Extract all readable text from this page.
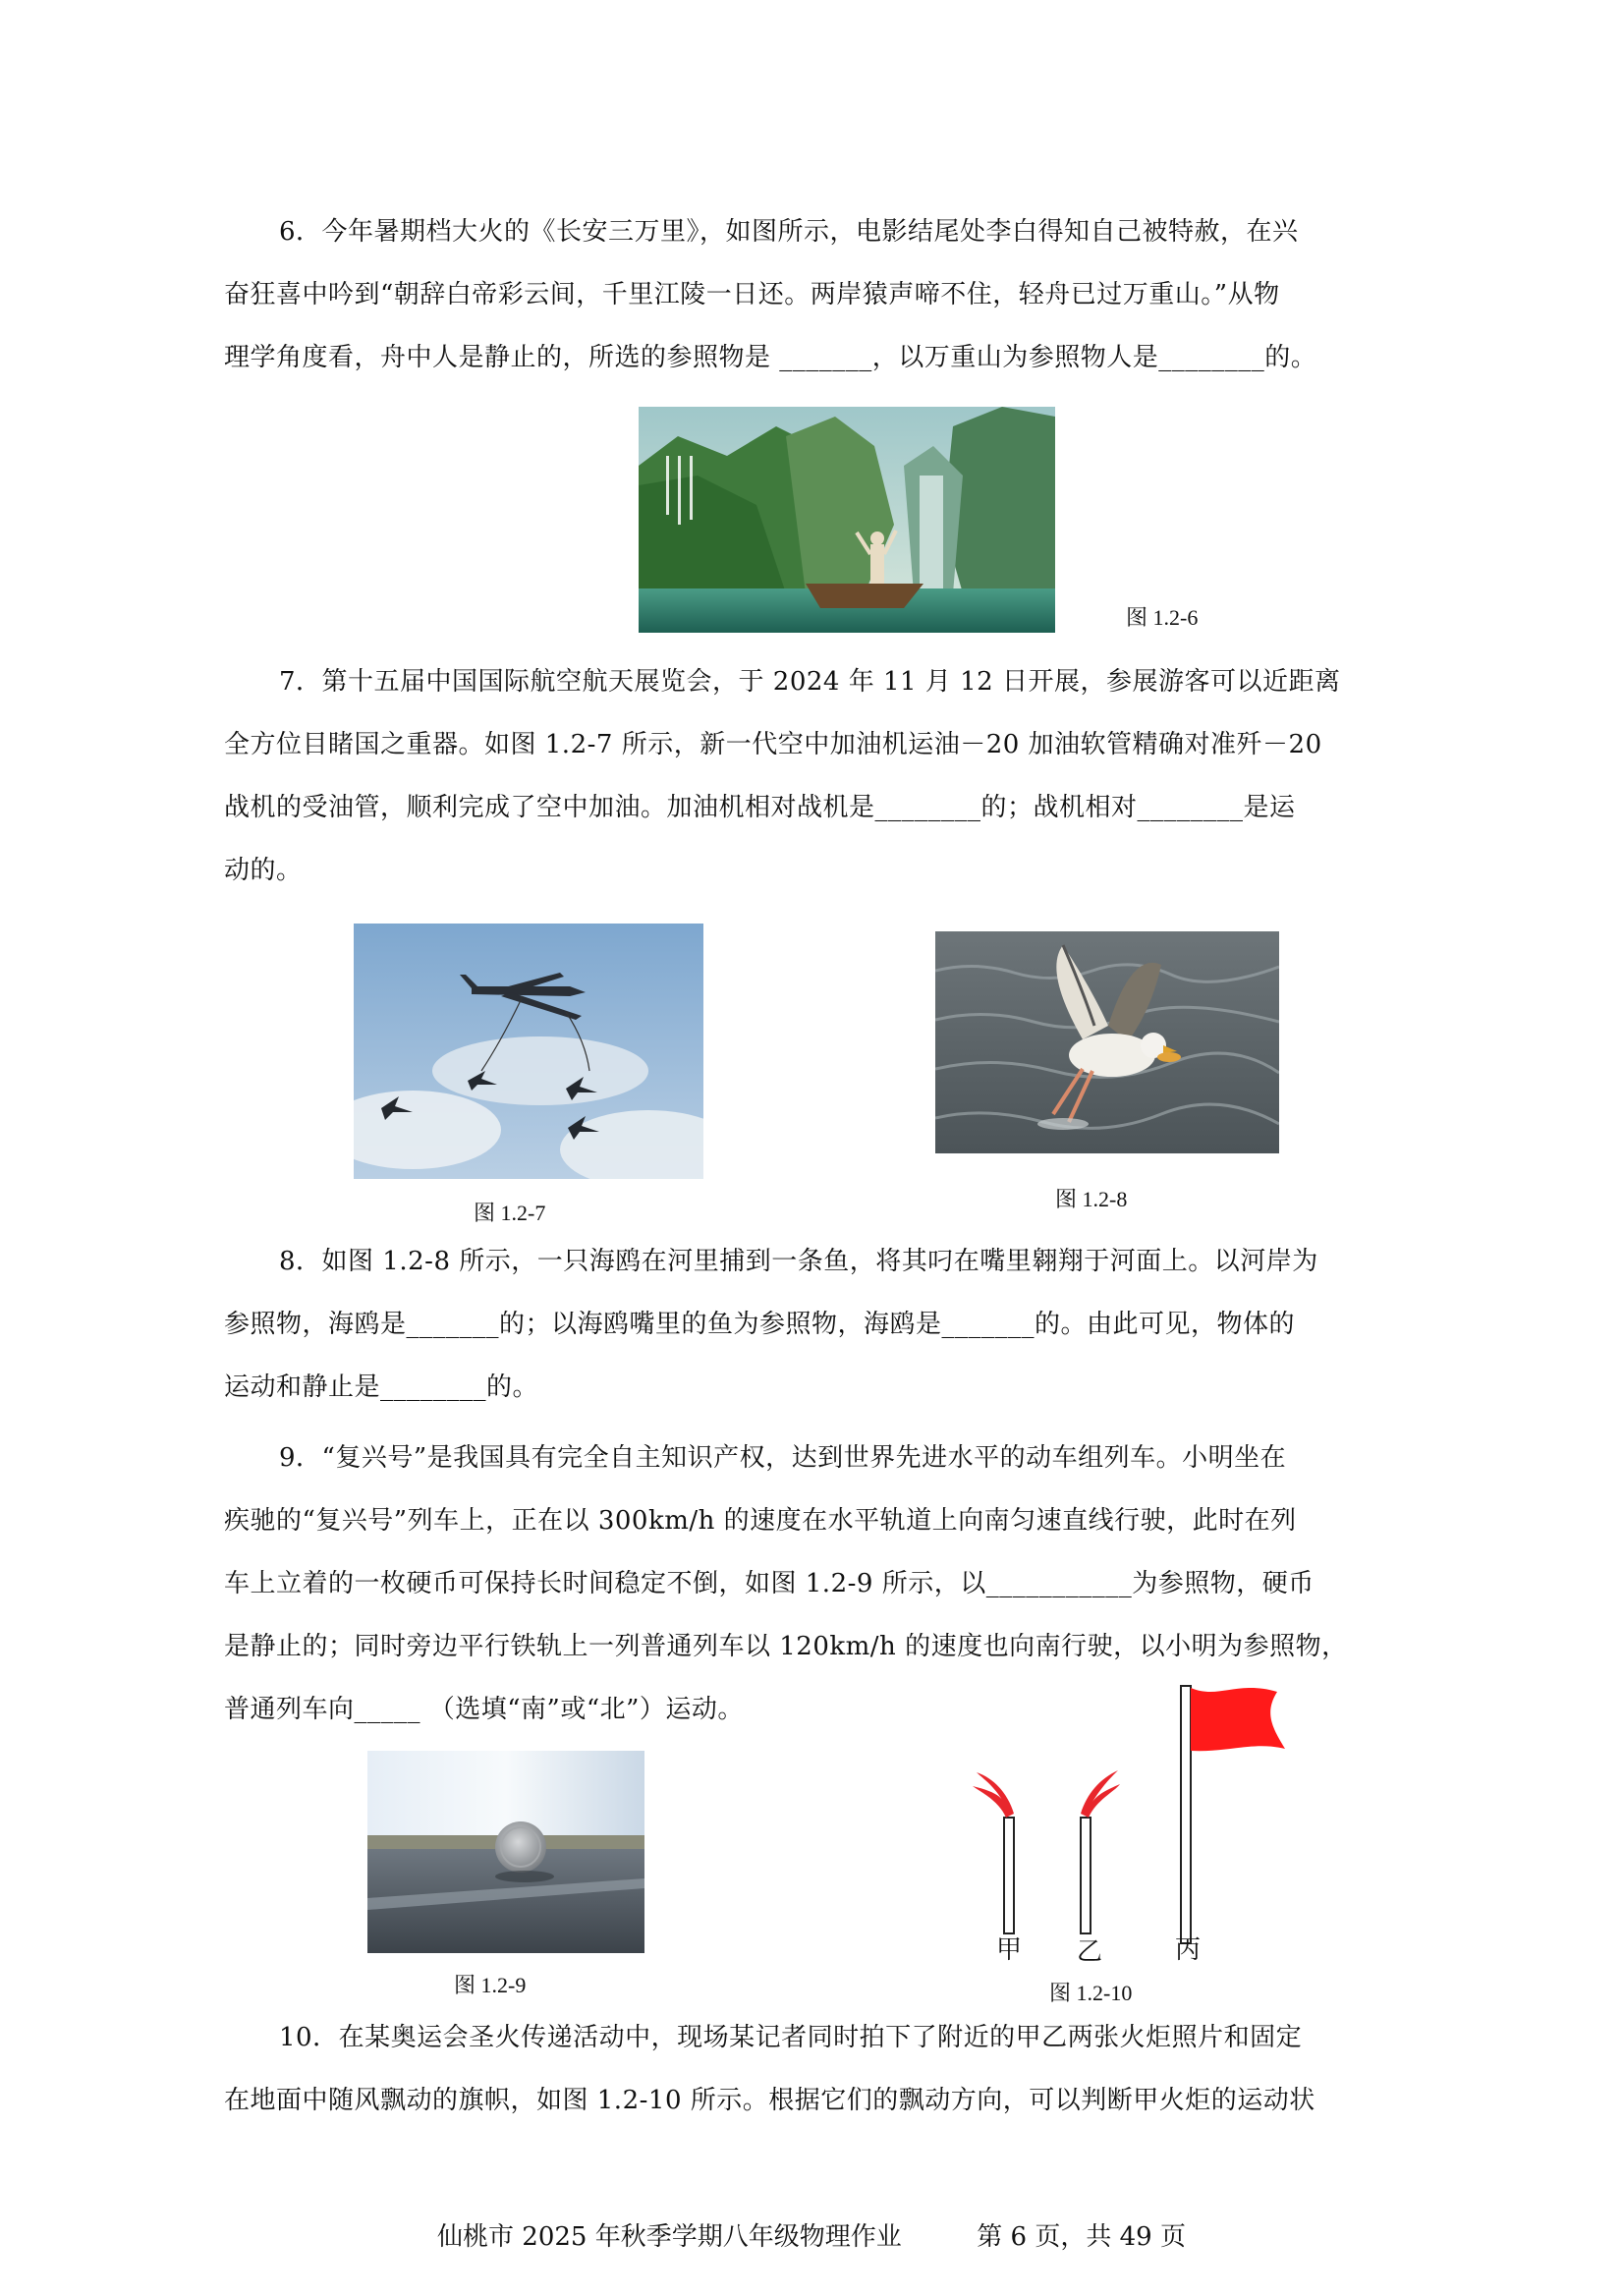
6．今年暑期档大火的《长安三万里》，如图所示，电影结尾处李白得知自己被特赦，在兴
奋狂喜中吟到“朝辞白帝彩云间，千里江陵一日还。两岸猿声啼不住，轻舟已过万重山。”从物
理学角度看，舟中人是静止的，所选的参照物是 _______，以万重山为参照物人是________的。
图 1.2-6
7．第十五届中国国际航空航天展览会，于 2024 年 11 月 12 日开展，参展游客可以近距离
全方位目睹国之重器。如图 1.2-7 所示，新一代空中加油机运油－20 加油软管精确对准歼－20
战机的受油管，顺利完成了空中加油。加油机相对战机是________的；战机相对________是运
动的。
图 1.2-7
图 1.2-8
8．如图 1.2-8 所示，一只海鸥在河里捕到一条鱼，将其叼在嘴里翱翔于河面上。以河岸为
参照物，海鸥是_______的；以海鸥嘴里的鱼为参照物，海鸥是_______的。由此可见，物体的
运动和静止是________的。
9．“复兴号”是我国具有完全自主知识产权，达到世界先进水平的动车组列车。小明坐在
疾驰的“复兴号”列车上，正在以 300km/h 的速度在水平轨道上向南匀速直线行驶，此时在列
车上立着的一枚硬币可保持长时间稳定不倒，如图 1.2-9 所示，以___________为参照物，硬币
是静止的；同时旁边平行铁轨上一列普通列车以 120km/h 的速度也向南行驶，以小明为参照物，
普通列车向_____ （选填“南”或“北”）运动。
图 1.2-9
甲 乙	丙
图 1.2-10
10．在某奥运会圣火传递活动中，现场某记者同时拍下了附近的甲乙两张火炬照片和固定
在地面中随风飘动的旗帜，如图 1.2-10 所示。根据它们的飘动方向，可以判断甲火炬的运动状
仙桃市 2025 年秋季学期八年级物理作业	第 6 页，共 49 页
